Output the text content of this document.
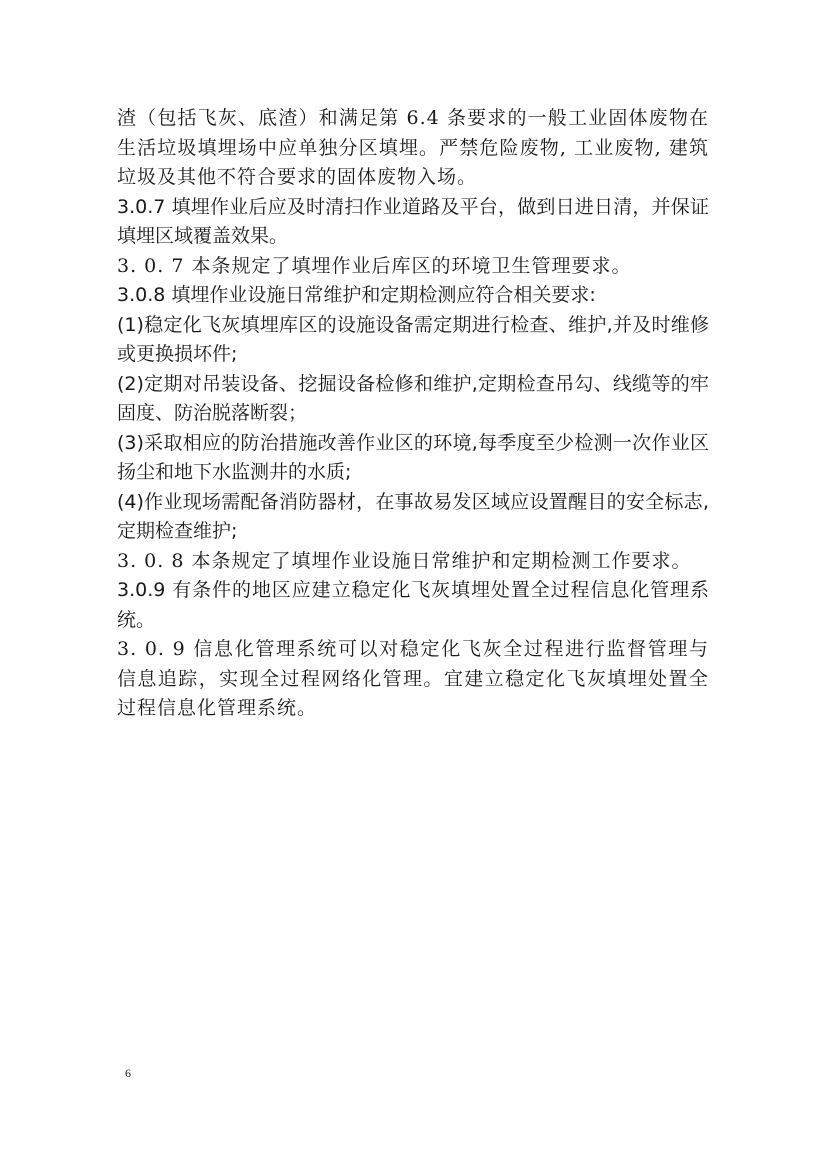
渣（包括飞灰、底渣）和满足第 6.4 条要求的一般工业固体废物在生活垃圾填埋场中应单独分区填埋。严禁危险废物, 工业废物, 建筑垃圾及其他不符合要求的固体废物入场。

3.0.7 填埋作业后应及时清扫作业道路及平台，做到日进日清，并保证填埋区域覆盖效果。

3. 0. 7 本条规定了填埋作业后库区的环境卫生管理要求。

3.0.8 填埋作业设施日常维护和定期检测应符合相关要求:

(1)稳定化飞灰填埋库区的设施设备需定期进行检查、维护,并及时维修或更换损坏件;

(2)定期对吊装设备、挖掘设备检修和维护,定期检查吊勾、线缆等的牢固度、防治脱落断裂；

(3)采取相应的防治措施改善作业区的环境,每季度至少检测一次作业区扬尘和地下水监测井的水质;

(4)作业现场需配备消防器材，在事故易发区域应设置醒目的安全标志,定期检查维护;

3. 0. 8 本条规定了填埋作业设施日常维护和定期检测工作要求。

3.0.9 有条件的地区应建立稳定化飞灰填埋处置全过程信息化管理系统。

3. 0. 9 信息化管理系统可以对稳定化飞灰全过程进行监督管理与信息追踪，实现全过程网络化管理。宜建立稳定化飞灰填埋处置全过程信息化管理系统。

6
